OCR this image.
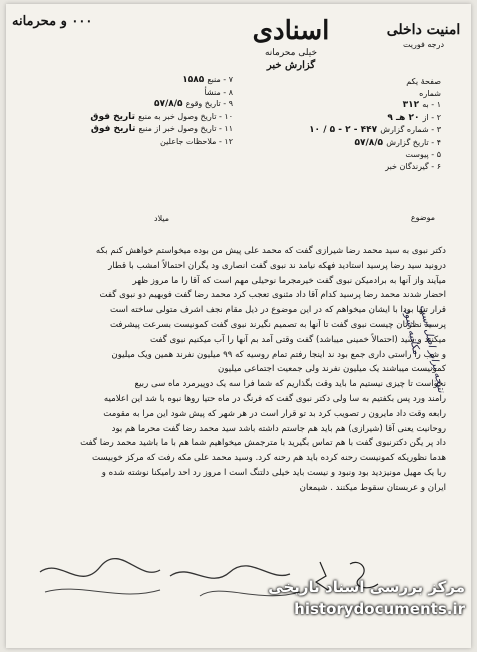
٠٠٠ و محرمانه	اسنادی
خیلی محرمانه
گزارش خبر
امنیت داخلی
درجه فوریت
۷ - منبع ۱۵۸۵
۸ - منشأ
۹ - تاریخ وقوع ۵۷/۸/۵
۱۰ - تاریخ وصول خبر به منبع تاریخ فوق
۱۱ - تاریخ وصول خبر از منبع تاریخ فوق
۱۲ - ملاحظات جاعلین
صفحهٔ یکم
شماره
۱ - به ۳۱۲
۲ - از ۲۰ هـ ۹
۳ - شماره گزارش ۴۴۷ - ۲ - ۵ / ۱۰
۴ - تاریخ گزارش ۵۷/۸/۵
۵ - پیوست
۶ - گیرندگان خبر
موضوع
میلاد
دکتر نبوی به سید محمد رضا شیرازی گفت که محمد علی پیش من بوده میخواستم خواهش کنم بکه
درونید سید رضا پرسید استادید فهکه نیامد ند نبوی گفت انصاری ود یگران احتمالاً امشب با قطار
میآیند واز آنها به برادمیکن نبوی گفت خیرمجرما نوحیلی مهم است که آقا را ما مروز ظهر
احضار شدند محمد رضا پرسید کدام آقا داد مثنوی تعجب کرد محمد رضا گفت فوبهیم دو نبوی گفت
قرار تنها بودا با ایشان میخواهم که در این موضوع در ذیل مقام نجف اشرف متولی ساخته است
پرسید نظرتان چیست نبوی گفت تا آنها به تصمیم نگیرند نبوی گفت کمونیست بسرعت پیشرفت
میکنند و سید (احتمالاً خمینی میباشد) گفت وقتی آمد بم آنها را آب میکنیم نبوی گفت
و شب را راستی داری جمع بود ند اینجا رفتم تمام روسیه که ۹۹ میلیون نفرند همین ویک میلیون
کمونیست میباشند یک میلیون نفرند ولی جمعیت اجتماعی میلیون
نخواست تا چیزی نیستیم ما باید وقت بگذاریم که شما فرا سه یک دوپیرمرد ماه سی ربیع
رامند ورد پس بکفتیم به سا ولی دکتر نبوی گفت که فرنگ در ماه حتیا روها نبوه با شد این اعلامیه
رابعه وقت داد مایرون ر تصویب کرد بد تو قرار است در هر شهر که پیش شود این مرا به مقومت
روحانیت یعنی آقا (شیرازی) هم باید هم جاستم داشته باشد سید محمد رضا گفت محرما هم بود
داد پر یگن دکترنبوی گفت با هم تماس بگیرید با مترجمش میخواهیم شما هم با ما باشید محمد رضا گفت
هدما نظوریکه کمونیست رحنه کرده باید هم رحنه کرد. وسید محمد علی مکه رفت که مرکز خوبیست
ربا یک مهیل مونیزدید بود ونبود و نیست باید خیلی دلتنگ است ا مروز رد احد رامیکنا نوشته شده و
ایران و عربستان سقوط میکنند . شیمعان
نتیجه برابر اصل است
مکاتبه شود
مرکز بررسی اسناد تاریخی
historydocuments.ir
